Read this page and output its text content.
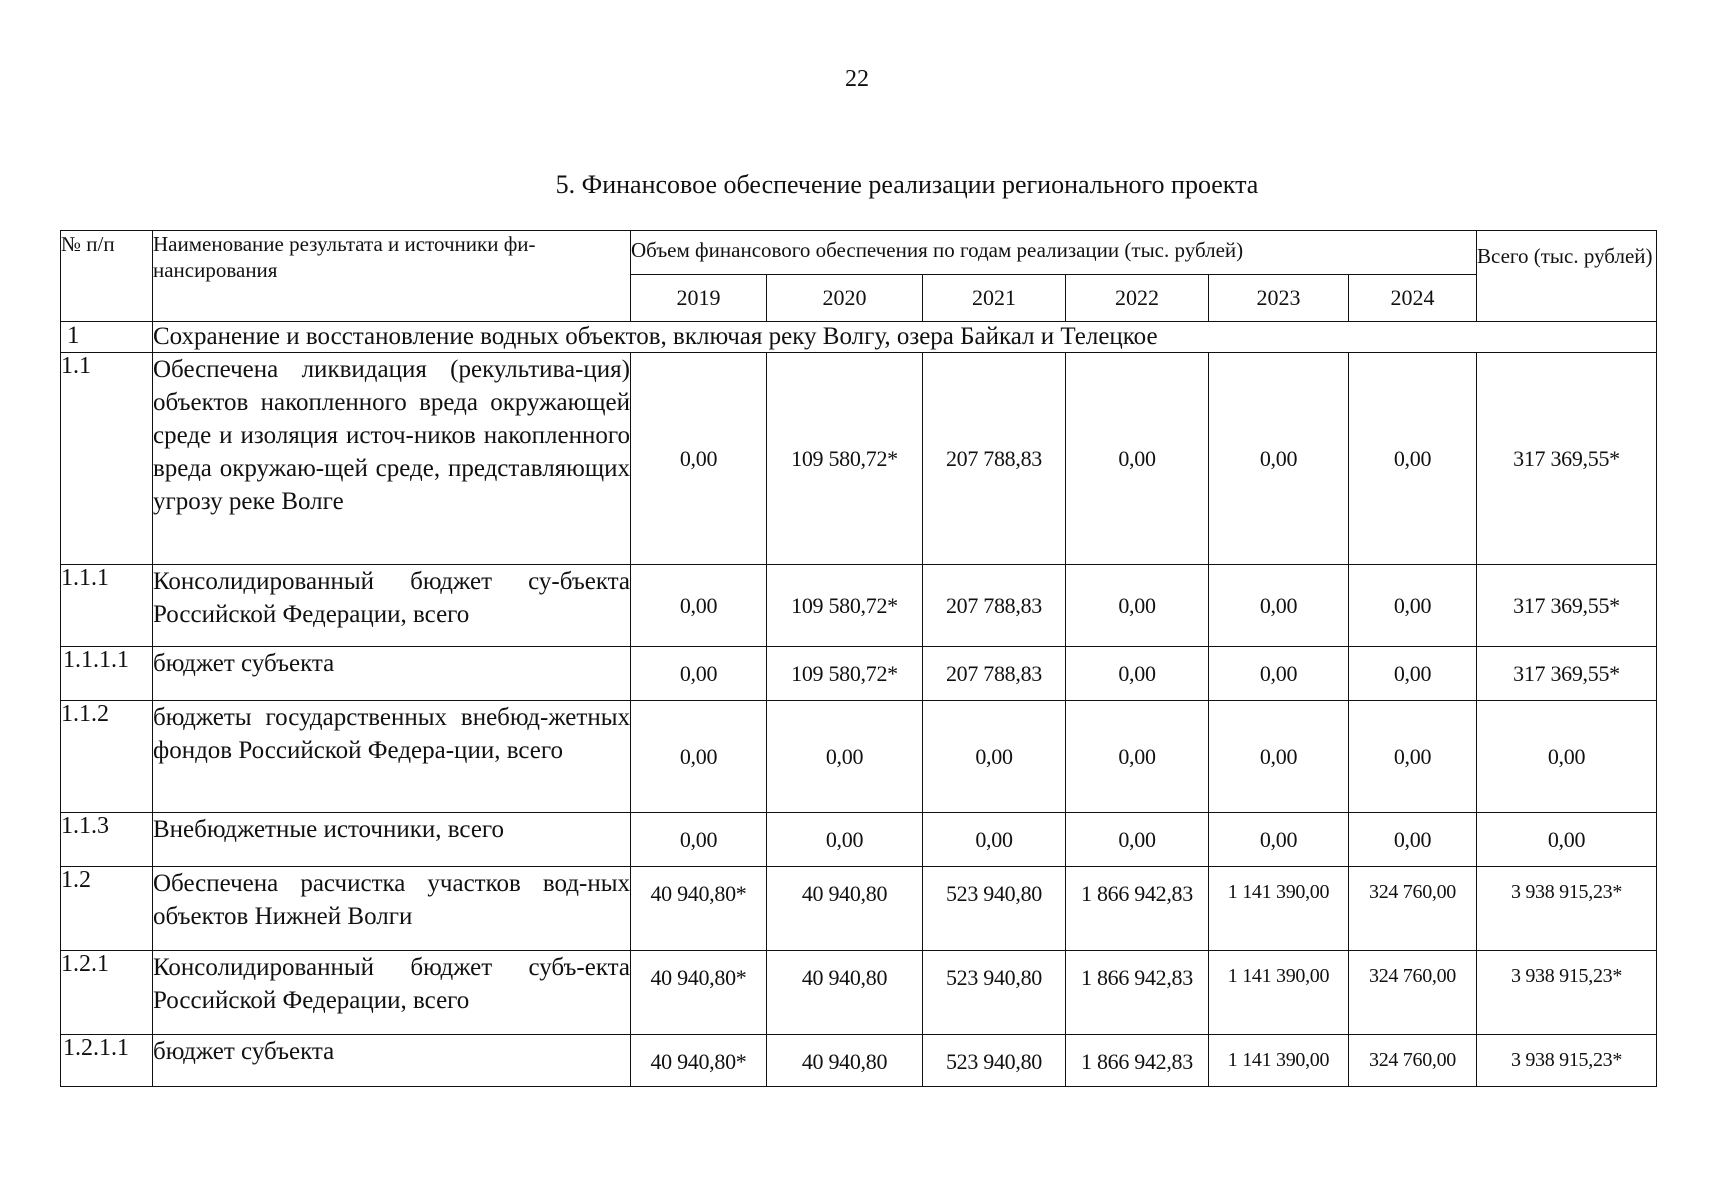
22
5. Финансовое обеспечение реализации регионального проекта
№ п/п	Наименование результата и источники фи-нансирования	Объем финансового обеспечения по годам реализации (тыс. рублей)						Всего (тыс. рублей)
		2019	2020	2021	2022	2023	2024	
1	Сохранение и восстановление водных объектов, включая реку Волгу, озера Байкал и Телецкое							
1.1	Обеспечена ликвидация (рекультива-ция) объектов накопленного вреда окружающей среде и изоляция источ-ников накопленного вреда окружаю-щей среде, представляющих угрозу реке Волге	0,00	109 580,72*	207 788,83	0,00	0,00	0,00	317 369,55*
1.1.1	Консолидированный бюджет су-бъекта Российской Федерации, всего	0,00	109 580,72*	207 788,83	0,00	0,00	0,00	317 369,55*
1.1.1.1	бюджет субъекта	0,00	109 580,72*	207 788,83	0,00	0,00	0,00	317 369,55*
1.1.2	бюджеты государственных внебюд-жетных фондов Российской Федера-ции, всего	0,00	0,00	0,00	0,00	0,00	0,00	0,00
1.1.3	Внебюджетные источники, всего	0,00	0,00	0,00	0,00	0,00	0,00	0,00
1.2	Обеспечена расчистка участков вод-ных объектов Нижней Волги	40 940,80*	40 940,80	523 940,80	1 866 942,83	1 141 390,00	324 760,00	3 938 915,23*
1.2.1	Консолидированный бюджет субъ-екта Российской Федерации, всего	40 940,80*	40 940,80	523 940,80	1 866 942,83	1 141 390,00	324 760,00	3 938 915,23*
1.2.1.1	бюджет субъекта	40 940,80*	40 940,80	523 940,80	1 866 942,83	1 141 390,00	324 760,00	3 938 915,23*
